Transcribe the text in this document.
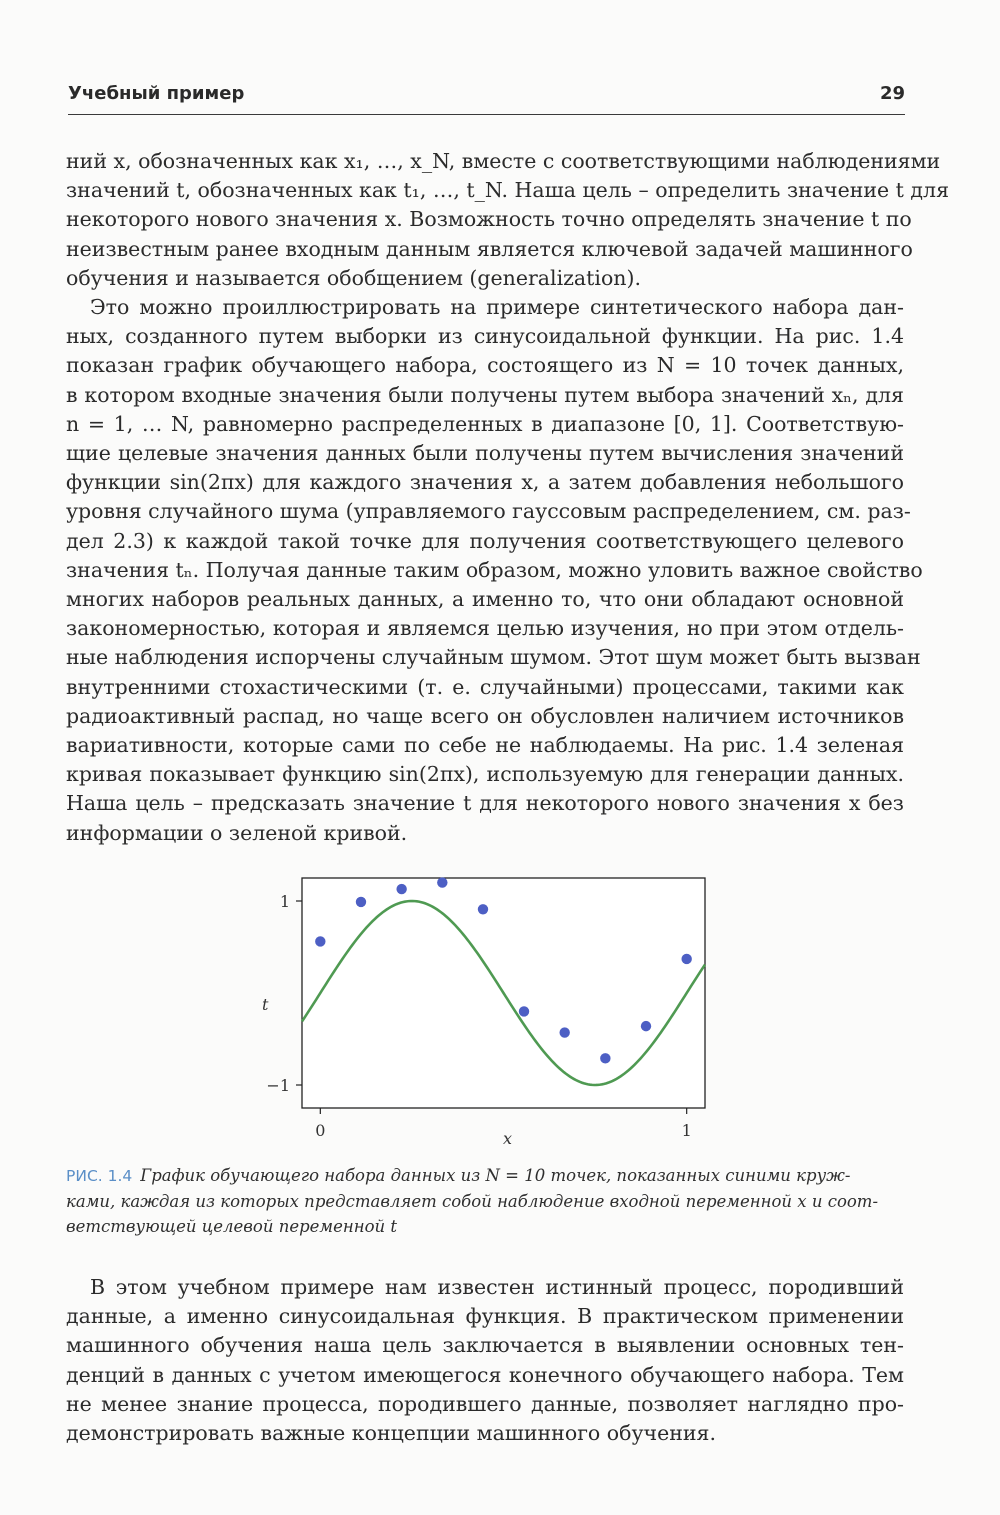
Учебный пример	29
ний x, обозначенных как x₁, …, x_N, вместе с соответствующими наблюдениями
значений t, обозначенных как t₁, …, t_N. Наша цель – определить значение t для
некоторого нового значения x. Возможность точно определять значение t по
неизвестным ранее входным данным является ключевой задачей машинного
обучения и называется обобщением (generalization).
Это можно проиллюстрировать на примере синтетического набора дан-
ных, созданного путем выборки из синусоидальной функции. На рис. 1.4
показан график обучающего набора, состоящего из N = 10 точек данных,
в котором входные значения были получены путем выбора значений xₙ, для
n = 1, … N, равномерно распределенных в диапазоне [0, 1]. Соответствую-
щие целевые значения данных были получены путем вычисления значений
функции sin(2πx) для каждого значения x, а затем добавления небольшого
уровня случайного шума (управляемого гауссовым распределением, см. раз-
дел 2.3) к каждой такой точке для получения соответствующего целевого
значения tₙ. Получая данные таким образом, можно уловить важное свойство
многих наборов реальных данных, а именно то, что они обладают основной
закономерностью, которая и являемся целью изучения, но при этом отдель-
ные наблюдения испорчены случайным шумом. Этот шум может быть вызван
внутренними стохастическими (т. е. случайными) процессами, такими как
радиоактивный распад, но чаще всего он обусловлен наличием источников
вариативности, которые сами по себе не наблюдаемы. На рис. 1.4 зеленая
кривая показывает функцию sin(2πx), используемую для генерации данных.
Наша цель – предсказать значение t для некоторого нового значения x без
информации о зеленой кривой.
0	1
−1
1
t
x
РИС. 1.4 График обучающего набора данных из N = 10 точек, показанных синими круж-
ками, каждая из которых представляет собой наблюдение входной переменной x и соот-
ветствующей целевой переменной t
В этом учебном примере нам известен истинный процесс, породивший
данные, а именно синусоидальная функция. В практическом применении
машинного обучения наша цель заключается в выявлении основных тен-
денций в данных с учетом имеющегося конечного обучающего набора. Тем
не менее знание процесса, породившего данные, позволяет наглядно про-
демонстрировать важные концепции машинного обучения.
